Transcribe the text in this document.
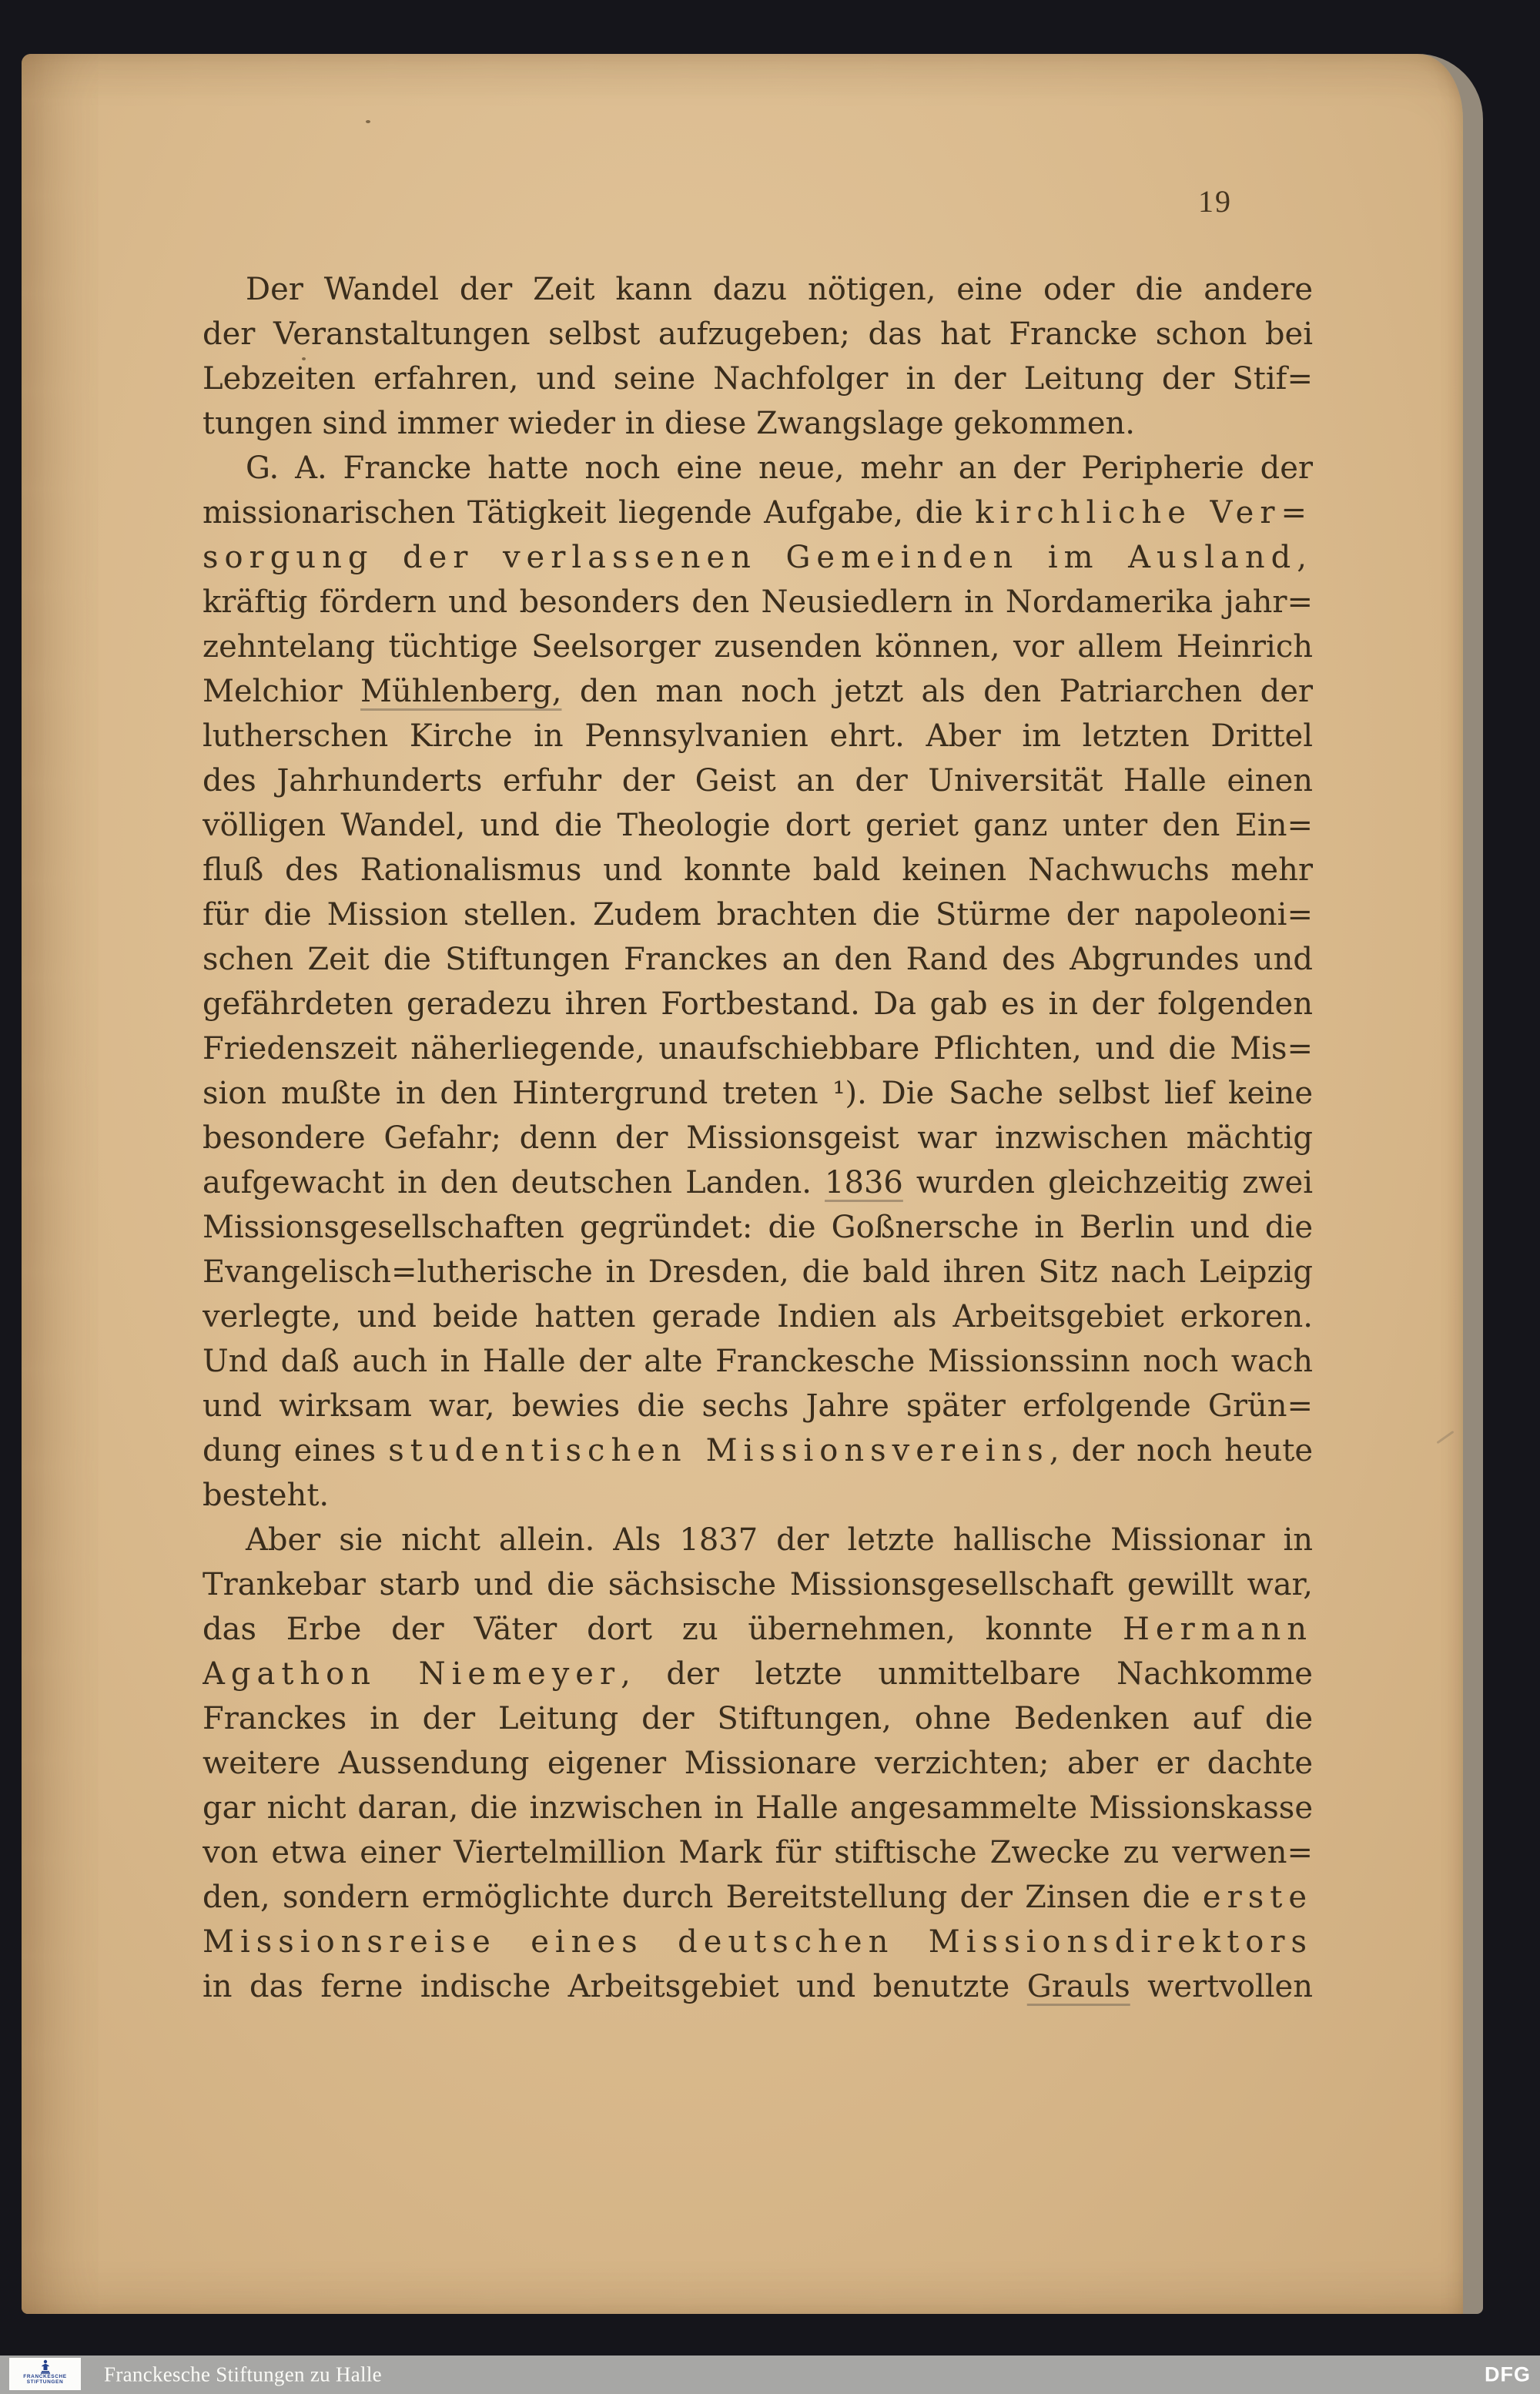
19
Der Wandel der Zeit kann dazu nötigen, eine oder die andere
der Veranstaltungen selbst aufzugeben; das hat Francke schon bei
Lebzeiten erfahren, und seine Nachfolger in der Leitung der Stif=
tungen sind immer wieder in diese Zwangslage gekommen.
G. A. Francke hatte noch eine neue, mehr an der Peripherie der
missionarischen Tätigkeit liegende Aufgabe, die kirchliche Ver=
sorgung der verlassenen Gemeinden im Ausland,
kräftig fördern und besonders den Neusiedlern in Nordamerika jahr=
zehntelang tüchtige Seelsorger zusenden können, vor allem Heinrich
Melchior Mühlenberg, den man noch jetzt als den Patriarchen der
lutherschen Kirche in Pennsylvanien ehrt. Aber im letzten Drittel
des Jahrhunderts erfuhr der Geist an der Universität Halle einen
völligen Wandel, und die Theologie dort geriet ganz unter den Ein=
fluß des Rationalismus und konnte bald keinen Nachwuchs mehr
für die Mission stellen. Zudem brachten die Stürme der napoleoni=
schen Zeit die Stiftungen Franckes an den Rand des Abgrundes und
gefährdeten geradezu ihren Fortbestand. Da gab es in der folgenden
Friedenszeit näherliegende, unaufschiebbare Pflichten, und die Mis=
sion mußte in den Hintergrund treten ¹). Die Sache selbst lief keine
besondere Gefahr; denn der Missionsgeist war inzwischen mächtig
aufgewacht in den deutschen Landen. 1836 wurden gleichzeitig zwei
Missionsgesellschaften gegründet: die Goßnersche in Berlin und die
Evangelisch=lutherische in Dresden, die bald ihren Sitz nach Leipzig
verlegte, und beide hatten gerade Indien als Arbeitsgebiet erkoren.
Und daß auch in Halle der alte Franckesche Missionssinn noch wach
und wirksam war, bewies die sechs Jahre später erfolgende Grün=
dung eines studentischen Missionsvereins, der noch heute
besteht.
Aber sie nicht allein. Als 1837 der letzte hallische Missionar in
Trankebar starb und die sächsische Missionsgesellschaft gewillt war,
das Erbe der Väter dort zu übernehmen, konnte Hermann
Agathon Niemeyer, der letzte unmittelbare Nachkomme
Franckes in der Leitung der Stiftungen, ohne Bedenken auf die
weitere Aussendung eigener Missionare verzichten; aber er dachte
gar nicht daran, die inzwischen in Halle angesammelte Missionskasse
von etwa einer Viertelmillion Mark für stiftische Zwecke zu verwen=
den, sondern ermöglichte durch Bereitstellung der Zinsen die erste
Missionsreise eines deutschen Missionsdirektors
in das ferne indische Arbeitsgebiet und benutzte Grauls wertvollen
FRANCKESCHE
STIFTUNGEN Franckesche Stiftungen zu Halle	DFG
